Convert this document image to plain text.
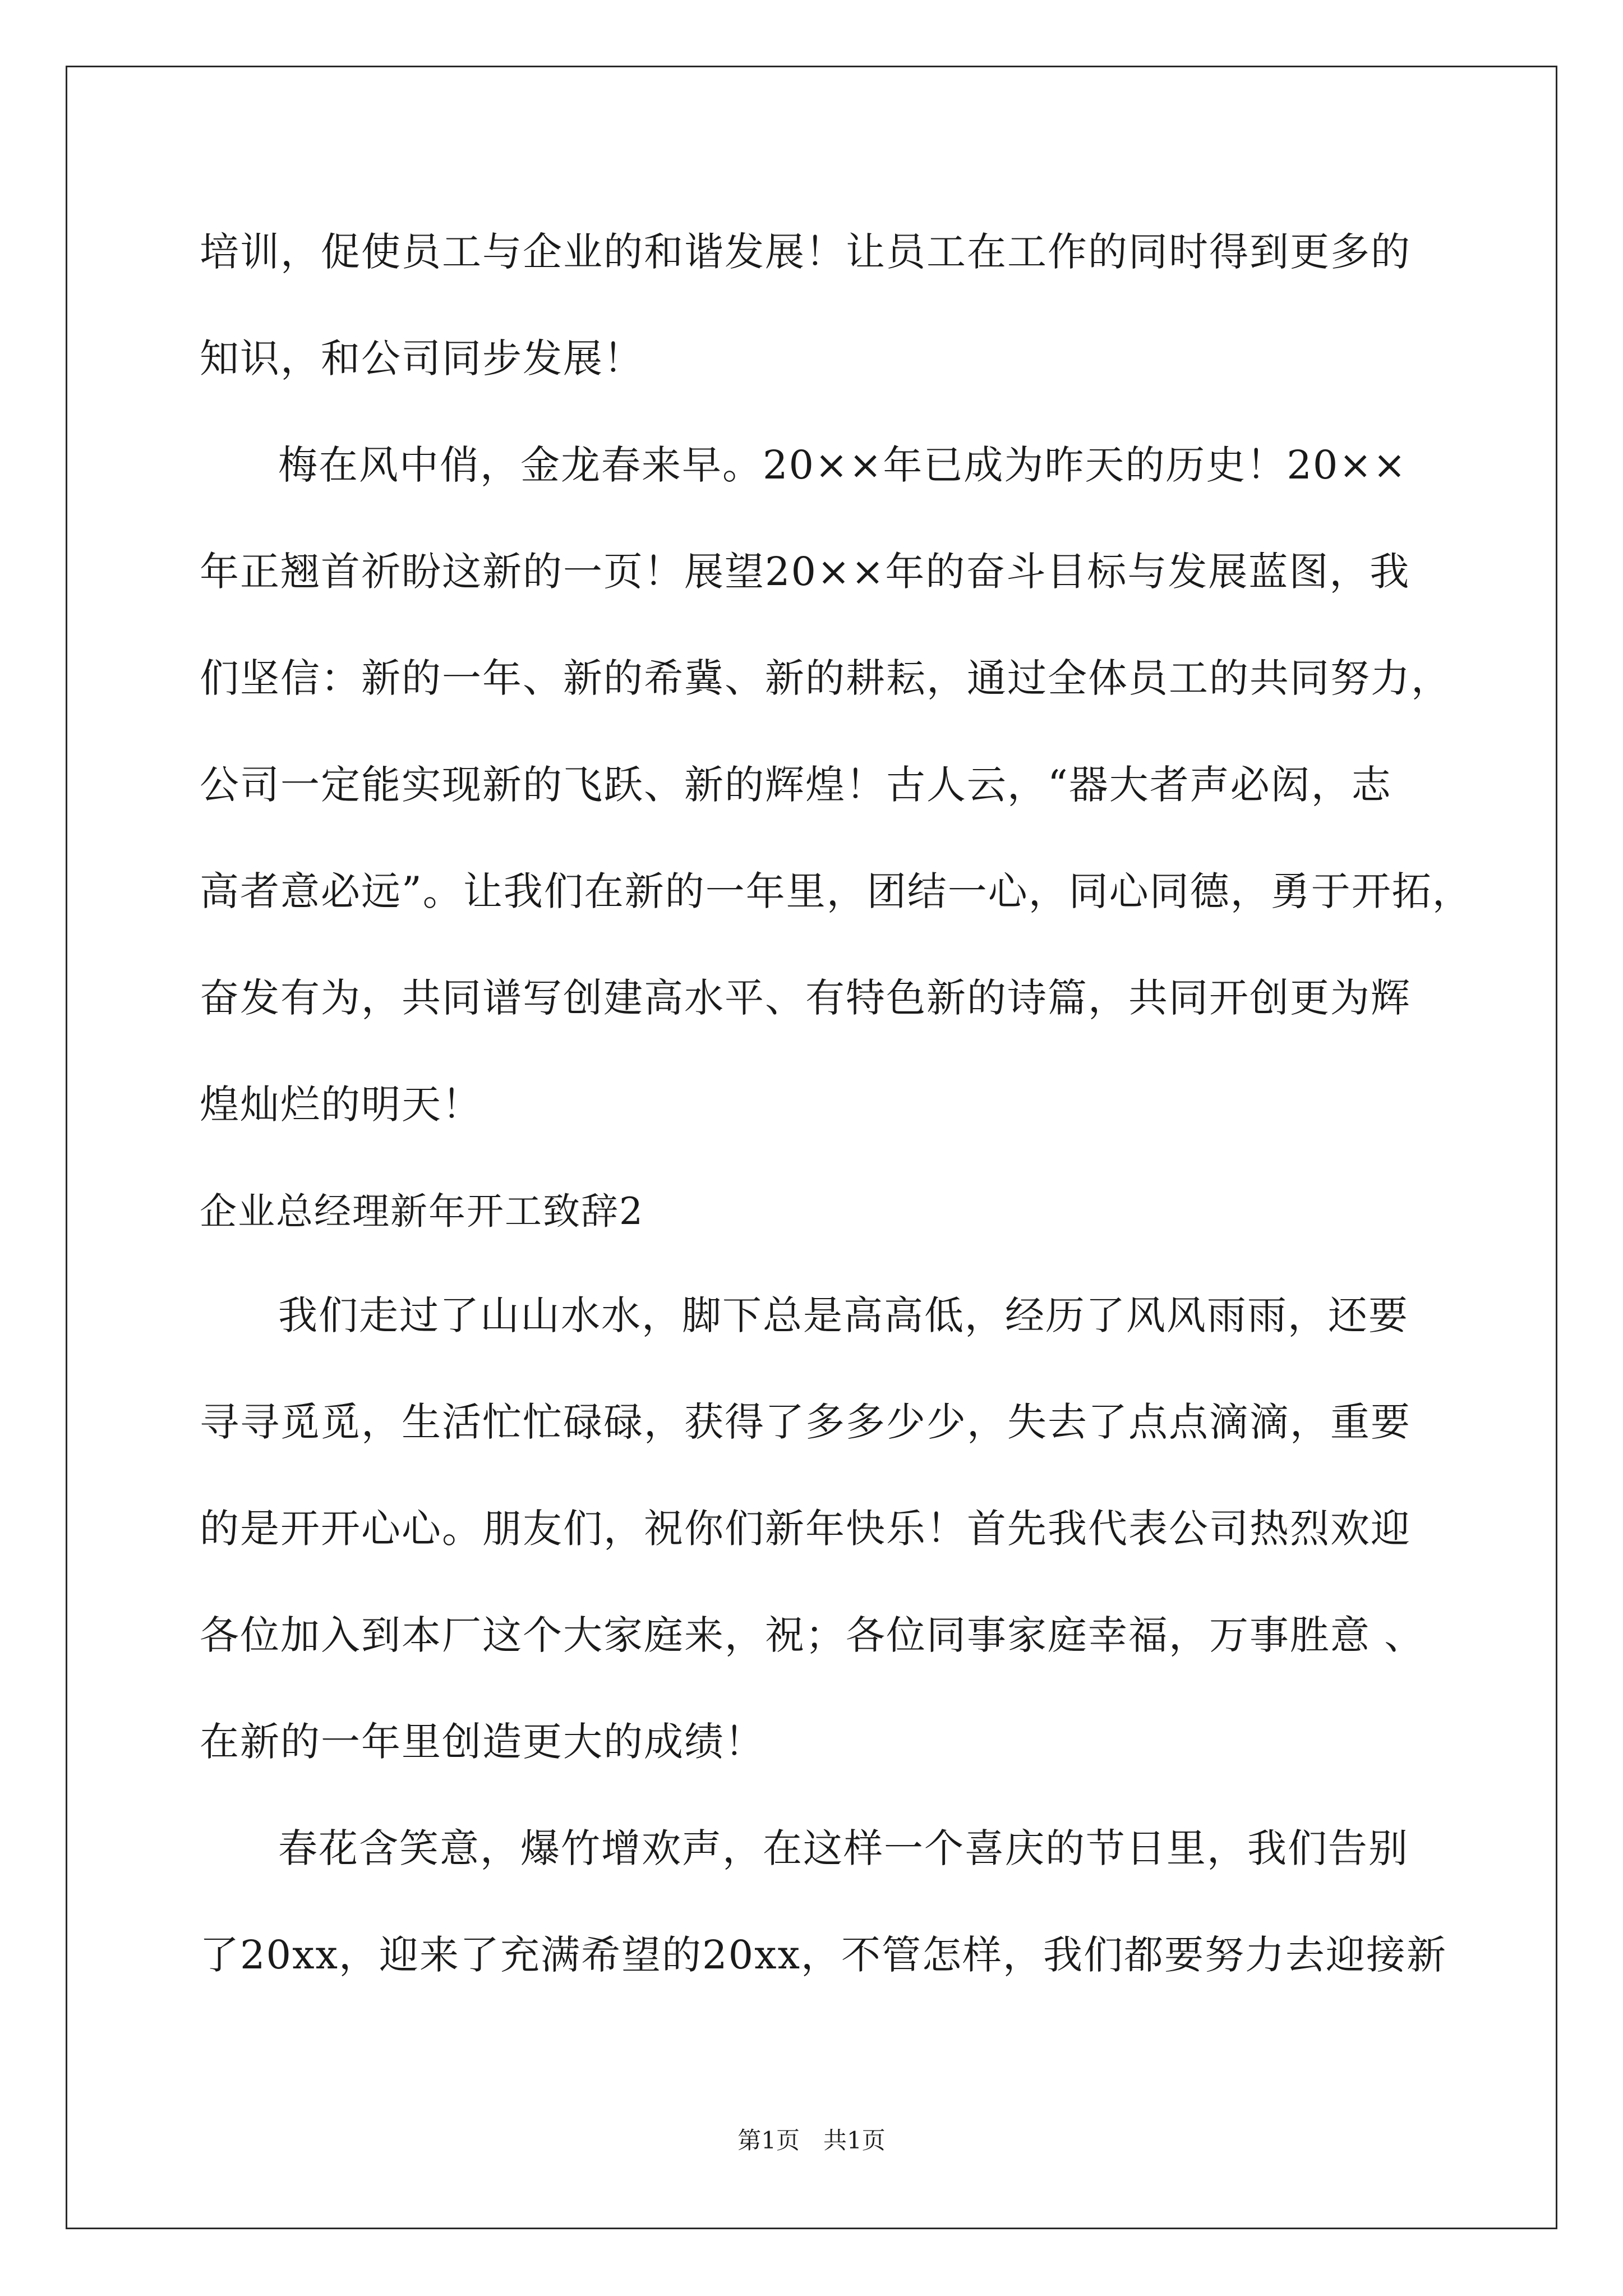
培训，促使员工与企业的和谐发展！让员工在工作的同时得到更多的
知识，和公司同步发展！
梅在风中俏，金龙春来早。20××年已成为昨天的历史！20××
年正翘首祈盼这新的一页！展望20××年的奋斗目标与发展蓝图，我
们坚信：新的一年、新的希冀、新的耕耘，通过全体员工的共同努力，
公司一定能实现新的飞跃、新的辉煌！古人云，“器大者声必闳，志
高者意必远”。让我们在新的一年里，团结一心，同心同德，勇于开拓，
奋发有为，共同谱写创建高水平、有特色新的诗篇，共同开创更为辉
煌灿烂的明天！
企业总经理新年开工致辞2
我们走过了山山水水，脚下总是高高低，经历了风风雨雨，还要
寻寻觅觅，生活忙忙碌碌，获得了多多少少，失去了点点滴滴，重要
的是开开心心。朋友们，祝你们新年快乐！首先我代表公司热烈欢迎
各位加入到本厂这个大家庭来，祝；各位同事家庭幸福，万事胜意 、
在新的一年里创造更大的成绩！
春花含笑意，爆竹增欢声，在这样一个喜庆的节日里，我们告别
了20xx，迎来了充满希望的20xx，不管怎样，我们都要努力去迎接新
第1页　共1页
